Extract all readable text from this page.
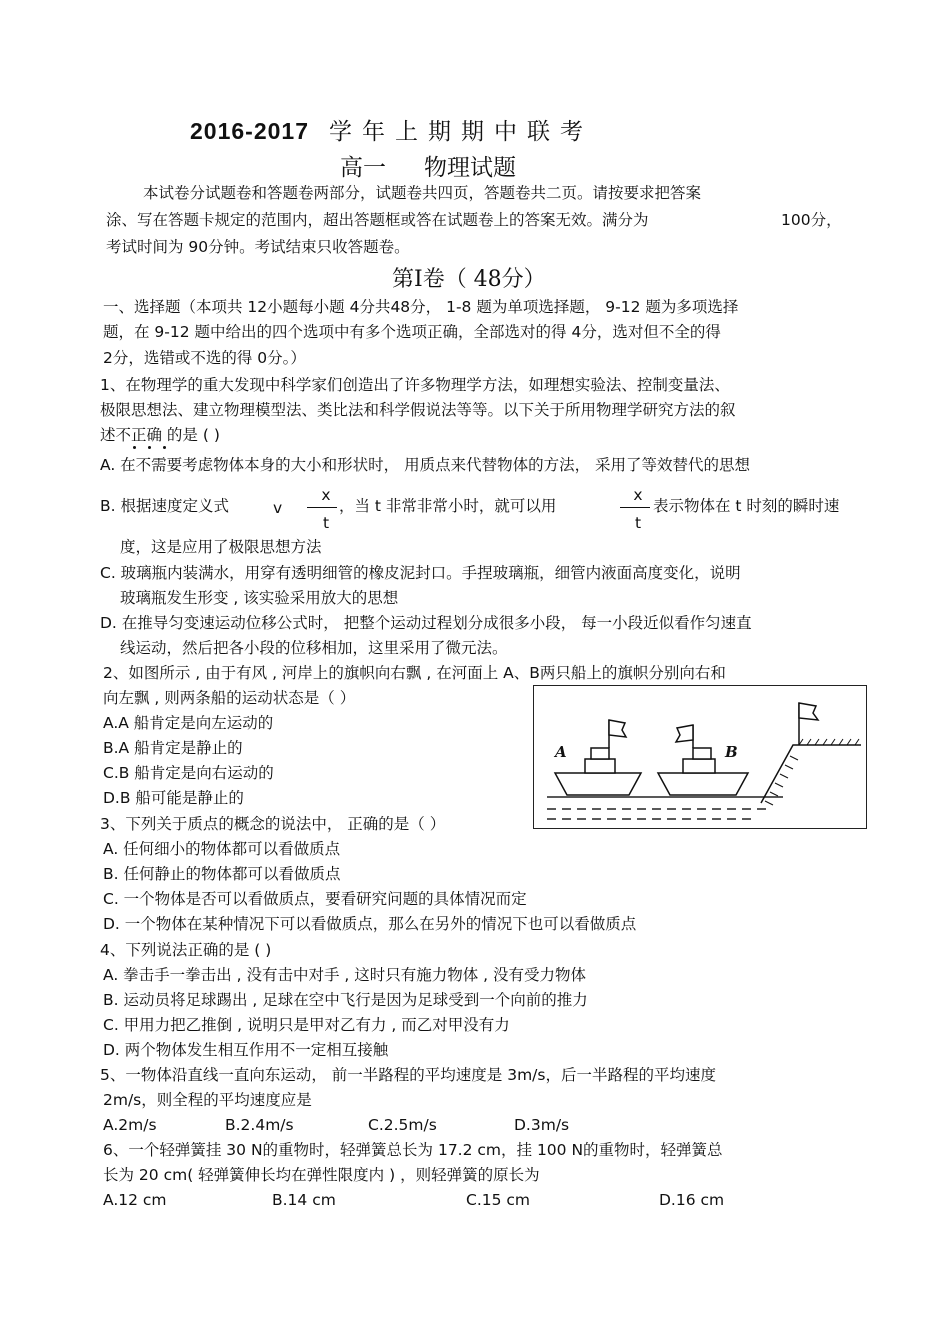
2016-2017 学年上期期中联考
高一 物理试题
本试卷分试题卷和答题卷两部分，试题卷共四页，答题卷共二页。请按要求把答案
涂、写在答题卡规定的范围内，超出答题框或答在试题卷上的答案无效。满分为	100分，
考试时间为 90分钟。考试结束只收答题卷。
第Ⅰ卷（ 48分）
一、选择题（本项共 12小题每小题 4分共48分， 1-8 题为单项选择题， 9-12 题为多项选择
题，在 9-12 题中给出的四个选项中有多个选项正确，全部选对的得 4分，选对但不全的得
2分，选错或不选的得 0分。）
1、在物理学的重大发现中科学家们创造出了许多物理学方法，如理想实验法、控制变量法、
极限思想法、建立物理模型法、类比法和科学假说法等等。以下关于所用物理学研究方法的叙
述不正确 的是 ( )
A. 在不需要考虑物体本身的大小和形状时， 用质点来代替物体的方法， 采用了等效替代的思想
B. 根据速度定义式	v
x
t
，当 t 非常非常小时，就可以用
x
t
表示物体在 t 时刻的瞬时速
度，这是应用了极限思想方法
C. 玻璃瓶内装满水，用穿有透明细管的橡皮泥封口。手捏玻璃瓶，细管内液面高度变化，说明
玻璃瓶发生形变 , 该实验采用放大的思想
D. 在推导匀变速运动位移公式时， 把整个运动过程划分成很多小段， 每一小段近似看作匀速直
线运动，然后把各小段的位移相加，这里采用了微元法。
2、如图所示 , 由于有风 , 河岸上的旗帜向右飘 , 在河面上 A、B两只船上的旗帜分别向右和
向左飘 , 则两条船的运动状态是（ ）
A.A 船肯定是向左运动的
B.A 船肯定是静止的
C.B 船肯定是向右运动的
D.B 船可能是静止的
A	B
3、下列关于质点的概念的说法中， 正确的是（ ）
A. 任何细小的物体都可以看做质点
B. 任何静止的物体都可以看做质点
C. 一个物体是否可以看做质点，要看研究问题的具体情况而定
D. 一个物体在某种情况下可以看做质点，那么在另外的情况下也可以看做质点
4、下列说法正确的是 ( )
A. 拳击手一拳击出 , 没有击中对手 , 这时只有施力物体 , 没有受力物体
B. 运动员将足球踢出 , 足球在空中飞行是因为足球受到一个向前的推力
C. 甲用力把乙推倒 , 说明只是甲对乙有力 , 而乙对甲没有力
D. 两个物体发生相互作用不一定相互接触
5、一物体沿直线一直向东运动， 前一半路程的平均速度是 3m/s，后一半路程的平均速度
2m/s，则全程的平均速度应是
A.2m/s	B.2.4m/s	C.2.5m/s	D.3m/s
6、一个轻弹簧挂 30 N的重物时，轻弹簧总长为 17.2 cm，挂 100 N的重物时，轻弹簧总
长为 20 cm( 轻弹簧伸长均在弹性限度内 ) ，则轻弹簧的原长为
A.12 cm	B.14 cm	C.15 cm	D.16 cm
